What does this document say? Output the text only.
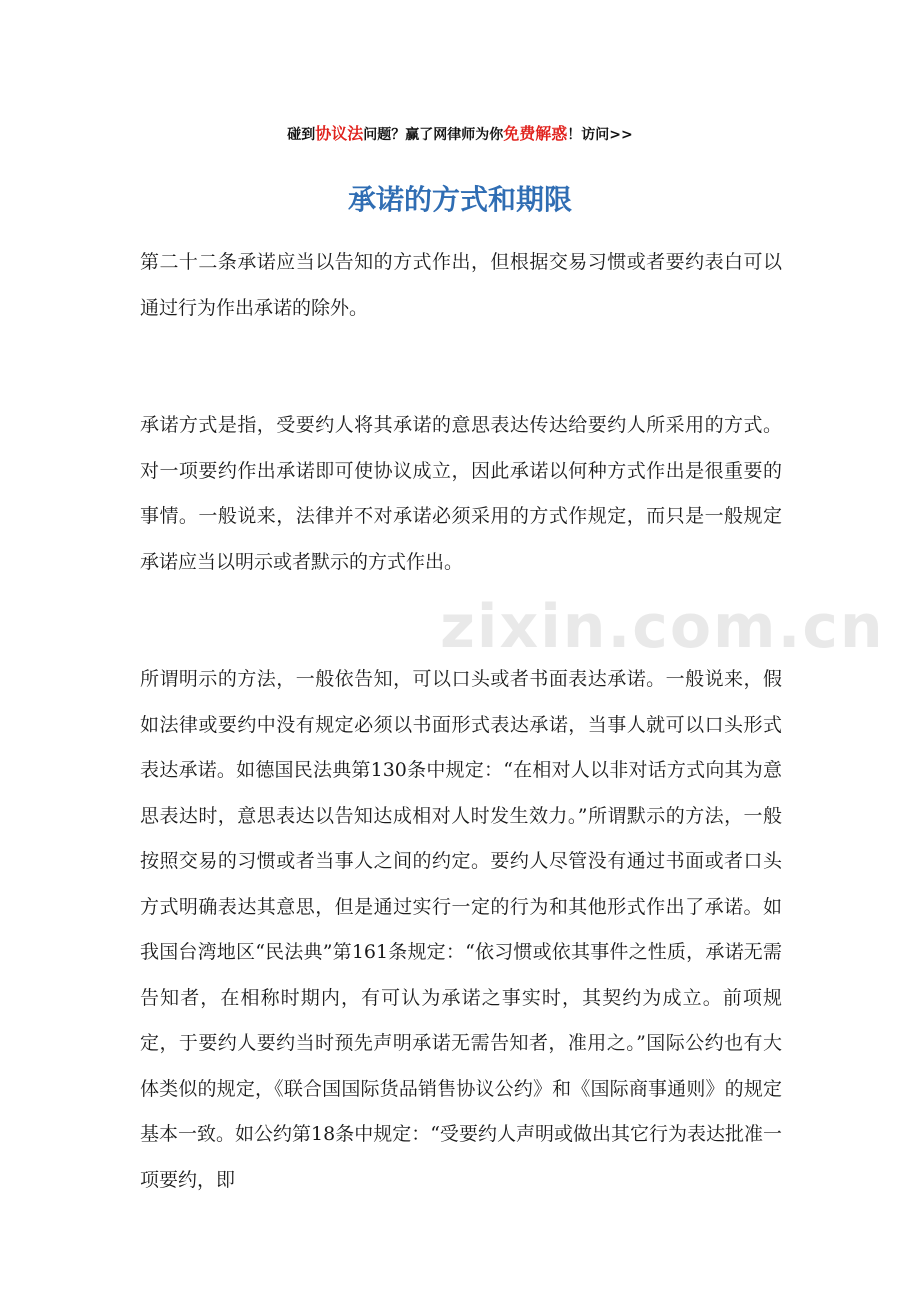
zixin.com.cn
碰到协议法问题？赢了网律师为你免费解惑！访问>>
承诺的方式和期限

第二十二条承诺应当以告知的方式作出，但根据交易习惯或者要约表白可以通过行为作出承诺的除外。

承诺方式是指，受要约人将其承诺的意思表达传达给要约人所采用的方式。对一项要约作出承诺即可使协议成立，因此承诺以何种方式作出是很重要的事情。一般说来，法律并不对承诺必须采用的方式作规定，而只是一般规定承诺应当以明示或者默示的方式作出。

所谓明示的方法，一般依告知，可以口头或者书面表达承诺。一般说来，假如法律或要约中没有规定必须以书面形式表达承诺，当事人就可以口头形式表达承诺。如德国民法典第130条中规定：“在相对人以非对话方式向其为意思表达时，意思表达以告知达成相对人时发生效力。”所谓默示的方法，一般按照交易的习惯或者当事人之间的约定。要约人尽管没有通过书面或者口头方式明确表达其意思，但是通过实行一定的行为和其他形式作出了承诺。如我国台湾地区“民法典”第161条规定：“依习惯或依其事件之性质，承诺无需告知者，在相称时期内，有可认为承诺之事实时，其契约为成立。前项规定，于要约人要约当时预先声明承诺无需告知者，准用之。”国际公约也有大体类似的规定，《联合国国际货品销售协议公约》和《国际商事通则》的规定基本一致。如公约第18条中规定：“受要约人声明或做出其它行为表达批准一项要约，即
